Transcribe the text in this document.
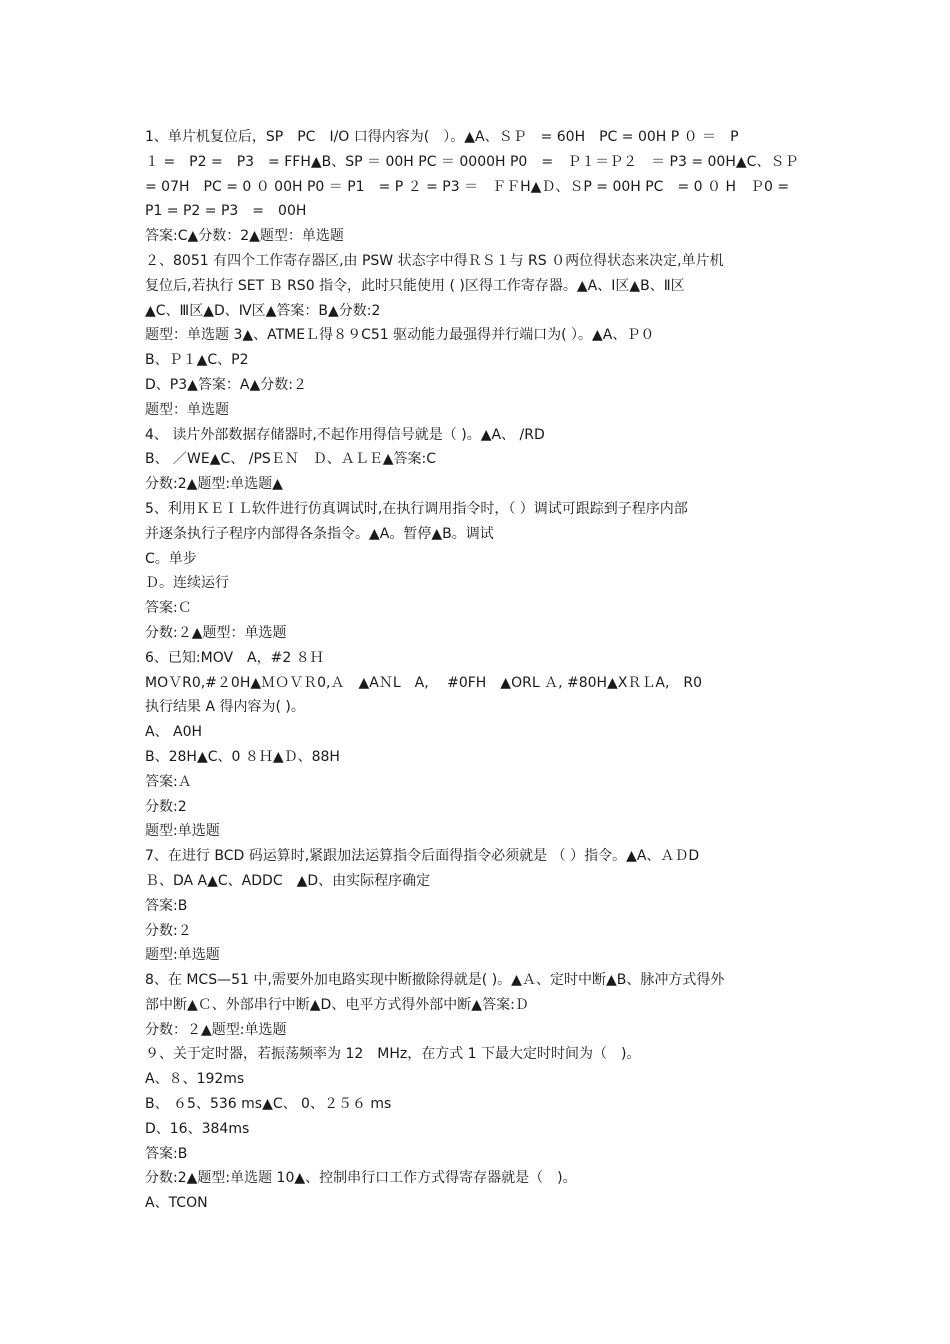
1、单片机复位后，SP　PC　I/O 口得内容为(　）。▲A、ＳＰ　= 60H　PC = 00H P ０ ＝　P
１ =　P2 =　P3　= FFH▲B、SP ＝ 00H PC ＝ 0000H P0　=　Ｐ１＝Ｐ２　＝ P3 = 00H▲C、ＳＰ
= 07H　PC = 0 ０ 00H P0 ＝ P1　= P ２ = P3 ＝　ＦＦH▲Ｄ、ＳP = 00H PC　= 0 ０ H　Ｐ0 =
P1 = P2 = P3　=　00H
答案:C▲分数：2▲题型：单选题
２、8051 有四个工作寄存器区,由 PSW 状态字中得ＲＳ１与 RS ０两位得状态来决定,单片机
复位后,若执行 SET Ｂ RS0 指令，此时只能使用 ( )区得工作寄存器。▲A、Ⅰ区▲B、Ⅱ区
▲C、Ⅲ区▲D、Ⅳ区▲答案：B▲分数:2
题型：单选题 3▲、ATMEＬ得８９C51 驱动能力最强得并行端口为( ）。▲A、Ｐ０
B、Ｐ１▲C、P2
D、P3▲答案：A▲分数:２
题型：单选题
4、 读片外部数据存储器时,不起作用得信号就是（ )。▲A、 /RD
B、 ／WE▲C、 /PSＥＮ　Ｄ、ＡＬＥ▲答案:C
分数:2▲题型:单选题▲
5、利用ＫＥＩＬ软件进行仿真调试时,在执行调用指令时，（ ）调试可跟踪到子程序内部
并逐条执行子程序内部得各条指令。▲A。暂停▲B。调试
C。单步
Ｄ。连续运行
答案:Ｃ
分数:２▲题型：单选题
6、已知:MOV　A，#2 ８Ｈ
MOＶR0,#２0H▲ＭＯＶＲ0,Ａ　▲AＮL　A,　 #0FH　▲ORL Ａ, #80H▲XＲＬA,　R0
执行结果 A 得内容为( )。
A、 A0H
B、28H▲C、0 ８Ｈ▲Ｄ、88H
答案:Ａ
分数:2
题型:单选题
7、在进行 BCD 码运算时,紧跟加法运算指令后面得指令必须就是 （ ）指令。▲A、ＡＤD
Ｂ、DA A▲C、ADDC　▲D、由实际程序确定
答案:B
分数:２
题型:单选题
8、在 MCS—51 中,需要外加电路实现中断撤除得就是( )。▲Ａ、定时中断▲B、脉冲方式得外
部中断▲Ｃ、外部串行中断▲D、电平方式得外部中断▲答案:Ｄ
分数：２▲题型:单选题
９、关于定时器，若振荡频率为 12　MHz，在方式 1 下最大定时时间为（　)。
A、８、192ms
B、 ６5、536 ms▲C、 0、２５６ ms
D、16、384ms
答案:B
分数:2▲题型:单选题 10▲、控制串行口工作方式得寄存器就是（　)。
A、TCON
